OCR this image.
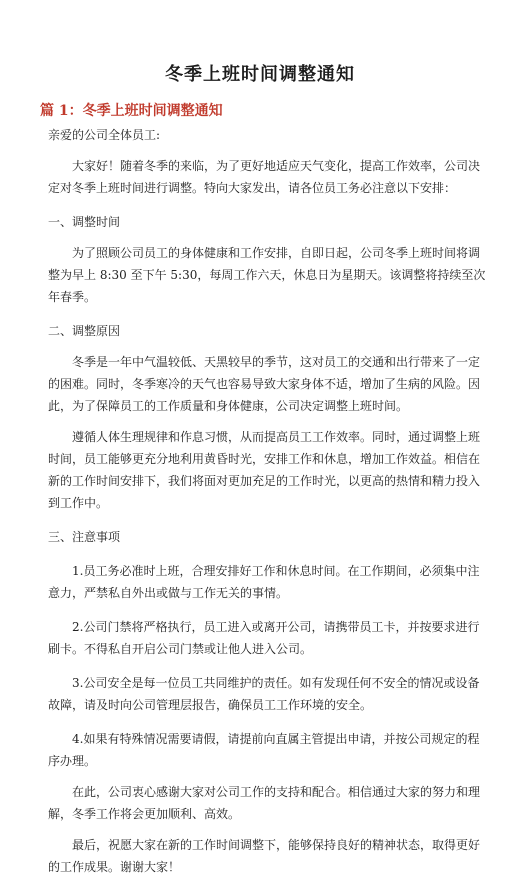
冬季上班时间调整通知

篇 1：冬季上班时间调整通知

亲爱的公司全体员工:

大家好！随着冬季的来临，为了更好地适应天气变化，提高工作效率，公司决定对冬季上班时间进行调整。特向大家发出，请各位员工务必注意以下安排：

一、调整时间

为了照顾公司员工的身体健康和工作安排，自即日起，公司冬季上班时间将调整为早上 8:30 至下午 5:30，每周工作六天，休息日为星期天。该调整将持续至次年春季。

二、调整原因

冬季是一年中气温较低、天黑较早的季节，这对员工的交通和出行带来了一定的困难。同时，冬季寒冷的天气也容易导致大家身体不适，增加了生病的风险。因此，为了保障员工的工作质量和身体健康，公司决定调整上班时间。

遵循人体生理规律和作息习惯，从而提高员工工作效率。同时，通过调整上班时间，员工能够更充分地利用黄昏时光，安排工作和休息，增加工作效益。相信在新的工作时间安排下，我们将面对更加充足的工作时光，以更高的热情和精力投入到工作中。

三、注意事项

1.员工务必准时上班，合理安排好工作和休息时间。在工作期间，必须集中注意力，严禁私自外出或做与工作无关的事情。

2.公司门禁将严格执行，员工进入或离开公司，请携带员工卡，并按要求进行刷卡。不得私自开启公司门禁或让他人进入公司。

3.公司安全是每一位员工共同维护的责任。如有发现任何不安全的情况或设备故障，请及时向公司管理层报告，确保员工工作环境的安全。

4.如果有特殊情况需要请假，请提前向直属主管提出申请，并按公司规定的程序办理。

在此，公司衷心感谢大家对公司工作的支持和配合。相信通过大家的努力和理解，冬季工作将会更加顺利、高效。

最后，祝愿大家在新的工作时间调整下，能够保持良好的精神状态，取得更好的工作成果。谢谢大家！
